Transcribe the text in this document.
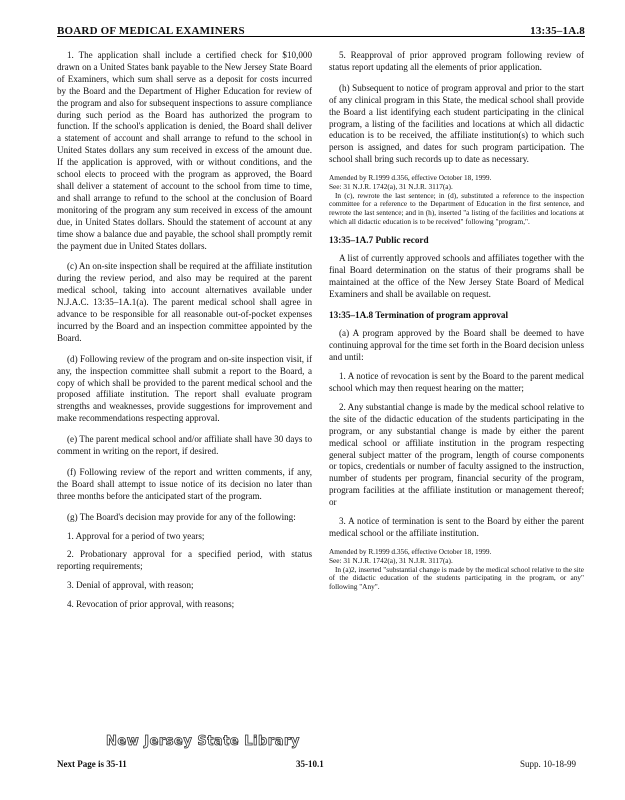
BOARD OF MEDICAL EXAMINERS	13:35–1A.8

1. The application shall include a certified check for $10,000 drawn on a United States bank payable to the New Jersey State Board of Examiners, which sum shall serve as a deposit for costs incurred by the Board and the Department of Higher Education for review of the program and also for subsequent inspections to assure compliance during such period as the Board has authorized the program to function. If the school's application is denied, the Board shall deliver a statement of account and shall arrange to refund to the school in United States dollars any sum received in excess of the amount due. If the application is approved, with or without conditions, and the school elects to proceed with the program as approved, the Board shall deliver a statement of account to the school from time to time, and shall arrange to refund to the school at the conclusion of Board monitoring of the program any sum received in excess of the amount due, in United States dollars. Should the statement of account at any time show a balance due and payable, the school shall promptly remit the payment due in United States dollars.

(c) An on-site inspection shall be required at the affiliate institution during the review period, and also may be required at the parent medical school, taking into account alternatives available under N.J.A.C. 13:35–1A.1(a). The parent medical school shall agree in advance to be responsible for all reasonable out-of-pocket expenses incurred by the Board and an inspection committee appointed by the Board.

(d) Following review of the program and on-site inspection visit, if any, the inspection committee shall submit a report to the Board, a copy of which shall be provided to the parent medical school and the proposed affiliate institution. The report shall evaluate program strengths and weaknesses, provide suggestions for improvement and make recommendations respecting approval.

(e) The parent medical school and/or affiliate shall have 30 days to comment in writing on the report, if desired.

(f) Following review of the report and written comments, if any, the Board shall attempt to issue notice of its decision no later than three months before the anticipated start of the program.

(g) The Board's decision may provide for any of the following:

1. Approval for a period of two years;

2. Probationary approval for a specified period, with status reporting requirements;

3. Denial of approval, with reason;

4. Revocation of prior approval, with reasons;

5. Reapproval of prior approved program following review of status report updating all the elements of prior application.

(h) Subsequent to notice of program approval and prior to the start of any clinical program in this State, the medical school shall provide the Board a list identifying each student participating in the clinical program, a listing of the facilities and locations at which all didactic education is to be received, the affiliate institution(s) to which such person is assigned, and dates for such program participation. The school shall bring such records up to date as necessary.

Amended by R.1999 d.356, effective October 18, 1999.
See: 31 N.J.R. 1742(a), 31 N.J.R. 3117(a).
In (c), rewrote the last sentence; in (d), substituted a reference to the inspection committee for a reference to the Department of Education in the first sentence, and rewrote the last sentence; and in (h), inserted "a listing of the facilities and locations at which all didactic education is to be received" following "program,".
13:35–1A.7 Public record

A list of currently approved schools and affiliates together with the final Board determination on the status of their programs shall be maintained at the office of the New Jersey State Board of Medical Examiners and shall be available on request.

13:35–1A.8 Termination of program approval

(a) A program approved by the Board shall be deemed to have continuing approval for the time set forth in the Board decision unless and until:

1. A notice of revocation is sent by the Board to the parent medical school which may then request hearing on the matter;

2. Any substantial change is made by the medical school relative to the site of the didactic education of the students participating in the program, or any substantial change is made by either the parent medical school or affiliate institution in the program respecting general subject matter of the program, length of course components or topics, credentials or number of faculty assigned to the instruction, number of students per program, financial security of the program, program facilities at the affiliate institution or management thereof; or

3. A notice of termination is sent to the Board by either the parent medical school or the affiliate institution.

Amended by R.1999 d.356, effective October 18, 1999.
See: 31 N.J.R. 1742(a), 31 N.J.R. 3117(a).
In (a)2, inserted "substantial change is made by the medical school relative to the site of the didactic education of the students participating in the program, or any" following "Any".
New Jersey State Library
Next Page is 35-11	35-10.1	Supp. 10-18-99
